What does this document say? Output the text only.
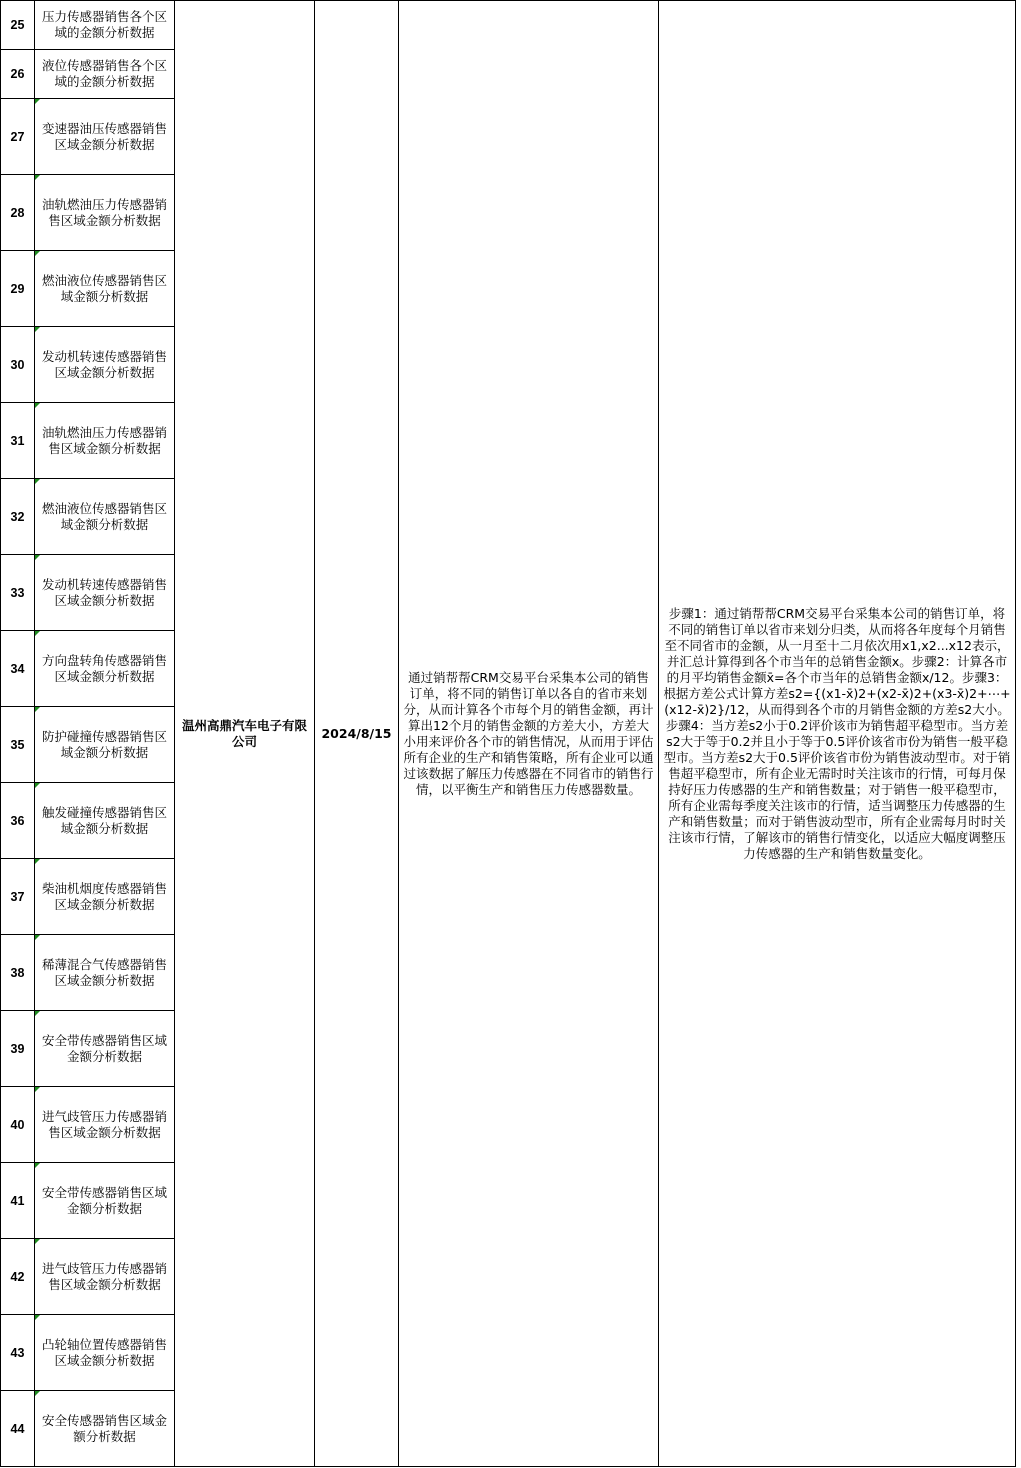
25	压力传感器销售各个区域的金额分析数据	温州高鼎汽车电子有限公司	2024/8/15	通过销帮帮CRM交易平台采集本公司的销售订单，将不同的销售订单以各自的省市来划分，从而计算各个市每个月的销售金额，再计算出12个月的销售金额的方差大小，方差大小用来评价各个市的销售情况，从而用于评估所有企业的生产和销售策略，所有企业可以通过该数据了解压力传感器在不同省市的销售行情，以平衡生产和销售压力传感器数量。	步骤1：通过销帮帮CRM交易平台采集本公司的销售订单，将不同的销售订单以省市来划分归类，从而将各年度每个月销售至不同省市的金额，从一月至十二月依次用x1,x2...x12表示，并汇总计算得到各个市当年的总销售金额x。步骤2：计算各市的月平均销售金额x̄=各个市当年的总销售金额x/12。步骤3：根据方差公式计算方差s2={(x1-x̄)2+(x2-x̄)2+(x3-x̄)2+⋯+(x12-x̄)2}/12，从而得到各个市的月销售金额的方差s2大小。步骤4：当方差s2小于0.2评价该市为销售超平稳型市。当方差s2大于等于0.2并且小于等于0.5评价该省市份为销售一般平稳型市。当方差s2大于0.5评价该省市份为销售波动型市。对于销售超平稳型市，所有企业无需时时关注该市的行情，可每月保持好压力传感器的生产和销售数量；对于销售一般平稳型市，所有企业需每季度关注该市的行情，适当调整压力传感器的生产和销售数量；而对于销售波动型市，所有企业需每月时时关注该市行情，了解该市的销售行情变化，以适应大幅度调整压力传感器的生产和销售数量变化。
26	液位传感器销售各个区域的金额分析数据				
27	变速器油压传感器销售区域金额分析数据				
28	油轨燃油压力传感器销售区域金额分析数据				
29	燃油液位传感器销售区域金额分析数据				
30	发动机转速传感器销售区域金额分析数据				
31	油轨燃油压力传感器销售区域金额分析数据				
32	燃油液位传感器销售区域金额分析数据				
33	发动机转速传感器销售区域金额分析数据				
34	方向盘转角传感器销售区域金额分析数据				
35	防护碰撞传感器销售区域金额分析数据				
36	触发碰撞传感器销售区域金额分析数据				
37	柴油机烟度传感器销售区域金额分析数据				
38	稀薄混合气传感器销售区域金额分析数据				
39	安全带传感器销售区域金额分析数据				
40	进气歧管压力传感器销售区域金额分析数据				
41	安全带传感器销售区域金额分析数据				
42	进气歧管压力传感器销售区域金额分析数据				
43	凸轮轴位置传感器销售区域金额分析数据				
44	安全传感器销售区域金额分析数据				
